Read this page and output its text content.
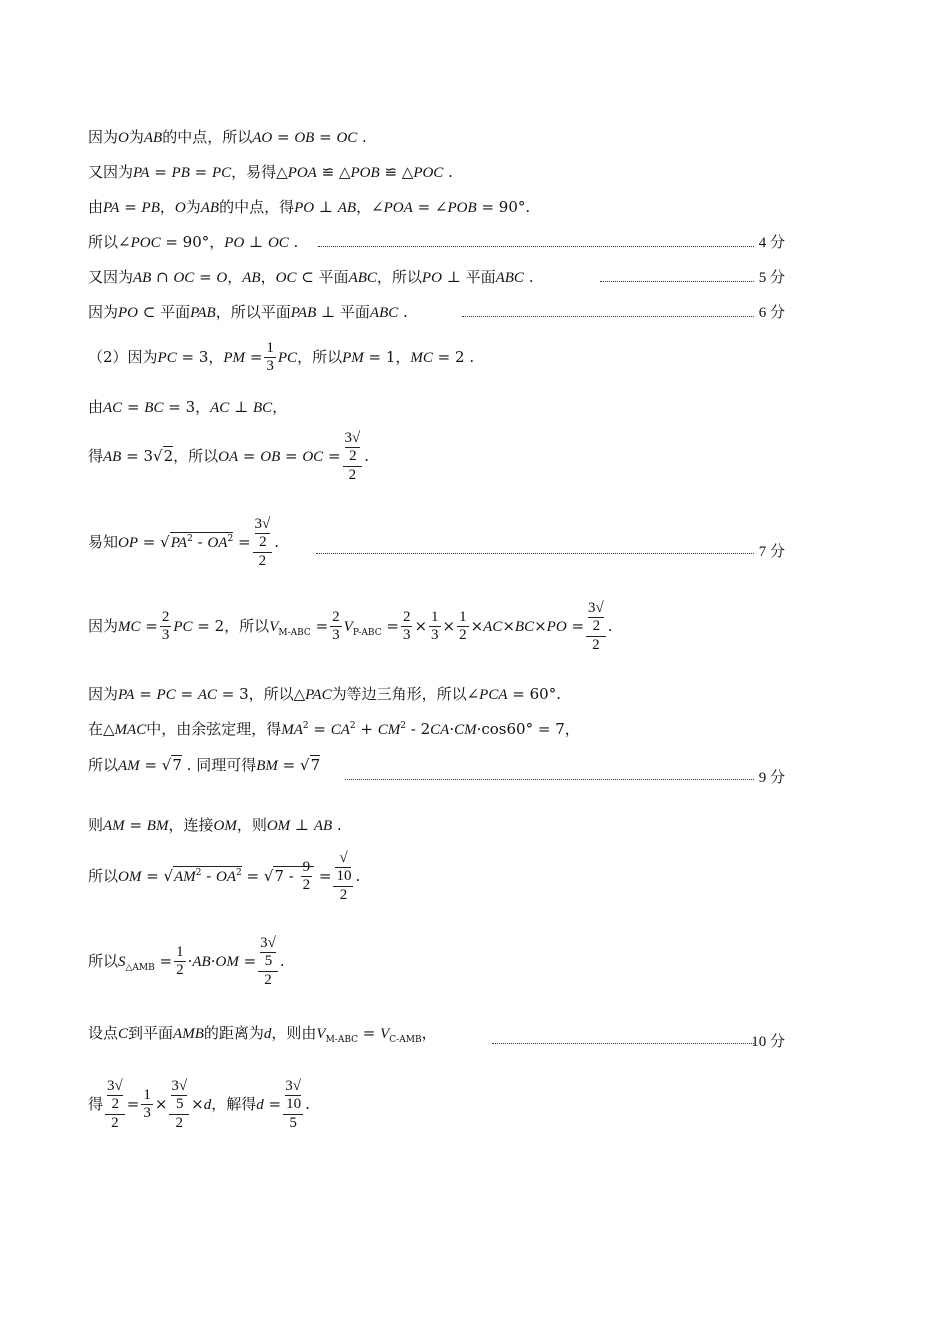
因为O为AB的中点，所以AO = OB = OC .
又因为PA = PB = PC，易得△POA ≌ △POB ≌ △POC .
由PA = PB，O为AB的中点，得PO ⊥ AB，∠POA = ∠POB = 90°.
所以∠POC = 90°，PO ⊥ OC .	4 分
又因为AB ∩ OC = O，AB，OC ⊂ 平面ABC，所以PO ⊥ 平面ABC .	5 分
因为PO ⊂ 平面PAB，所以平面PAB ⊥ 平面ABC .	6 分
（2）因为PC = 3，PM = $\frac{1}{3}$ PC，所以PM = 1，MC = 2 .
由AC = BC = 3，AC ⊥ BC，
得AB = 3√2，所以OA = OB = OC = 3√
2
2 .
易知OP = $√PA^2 - OA^2 = 3√$
2
2 .
7 分
因为MC = $\frac{2}{3}$ PC = 2，所以$V_{M-ABC} = \frac{2}{3} V_{P-ABC} = \frac{2}{3} \times \frac{1}{3} \times \frac{1}{2} \times AC\times BC\times PO = 3√$
2
2 .
因为PA = PC = AC = 3，所以△PAC为等边三角形，所以∠PCA = 60°.
在△MAC中，由余弦定理，得$MA^2 = CA^2 + CM^2 - 2CA\cdot CM\cdot\cos 60^\circ = 7$，
所以AM = √7 . 同理可得BM = √7
9 分
则AM = BM，连接OM，则OM ⊥ AB .
所以OM = $√AM^2 - OA^2 = √7 - \frac{9}{2}$ = √
10
2 .
所以$S_{\triangle AMB} = \frac{1}{2} \cdot AB\cdot OM = 3√$
5
2 .
设点C到平面AMB的距离为d，则由$V_{M-ABC} = V_{C-AMB}$，	10 分
得 3√
2
$2 = \frac{1}{3} \times 3√$
5
2 ×d，解得d = 3√
10
5 .
